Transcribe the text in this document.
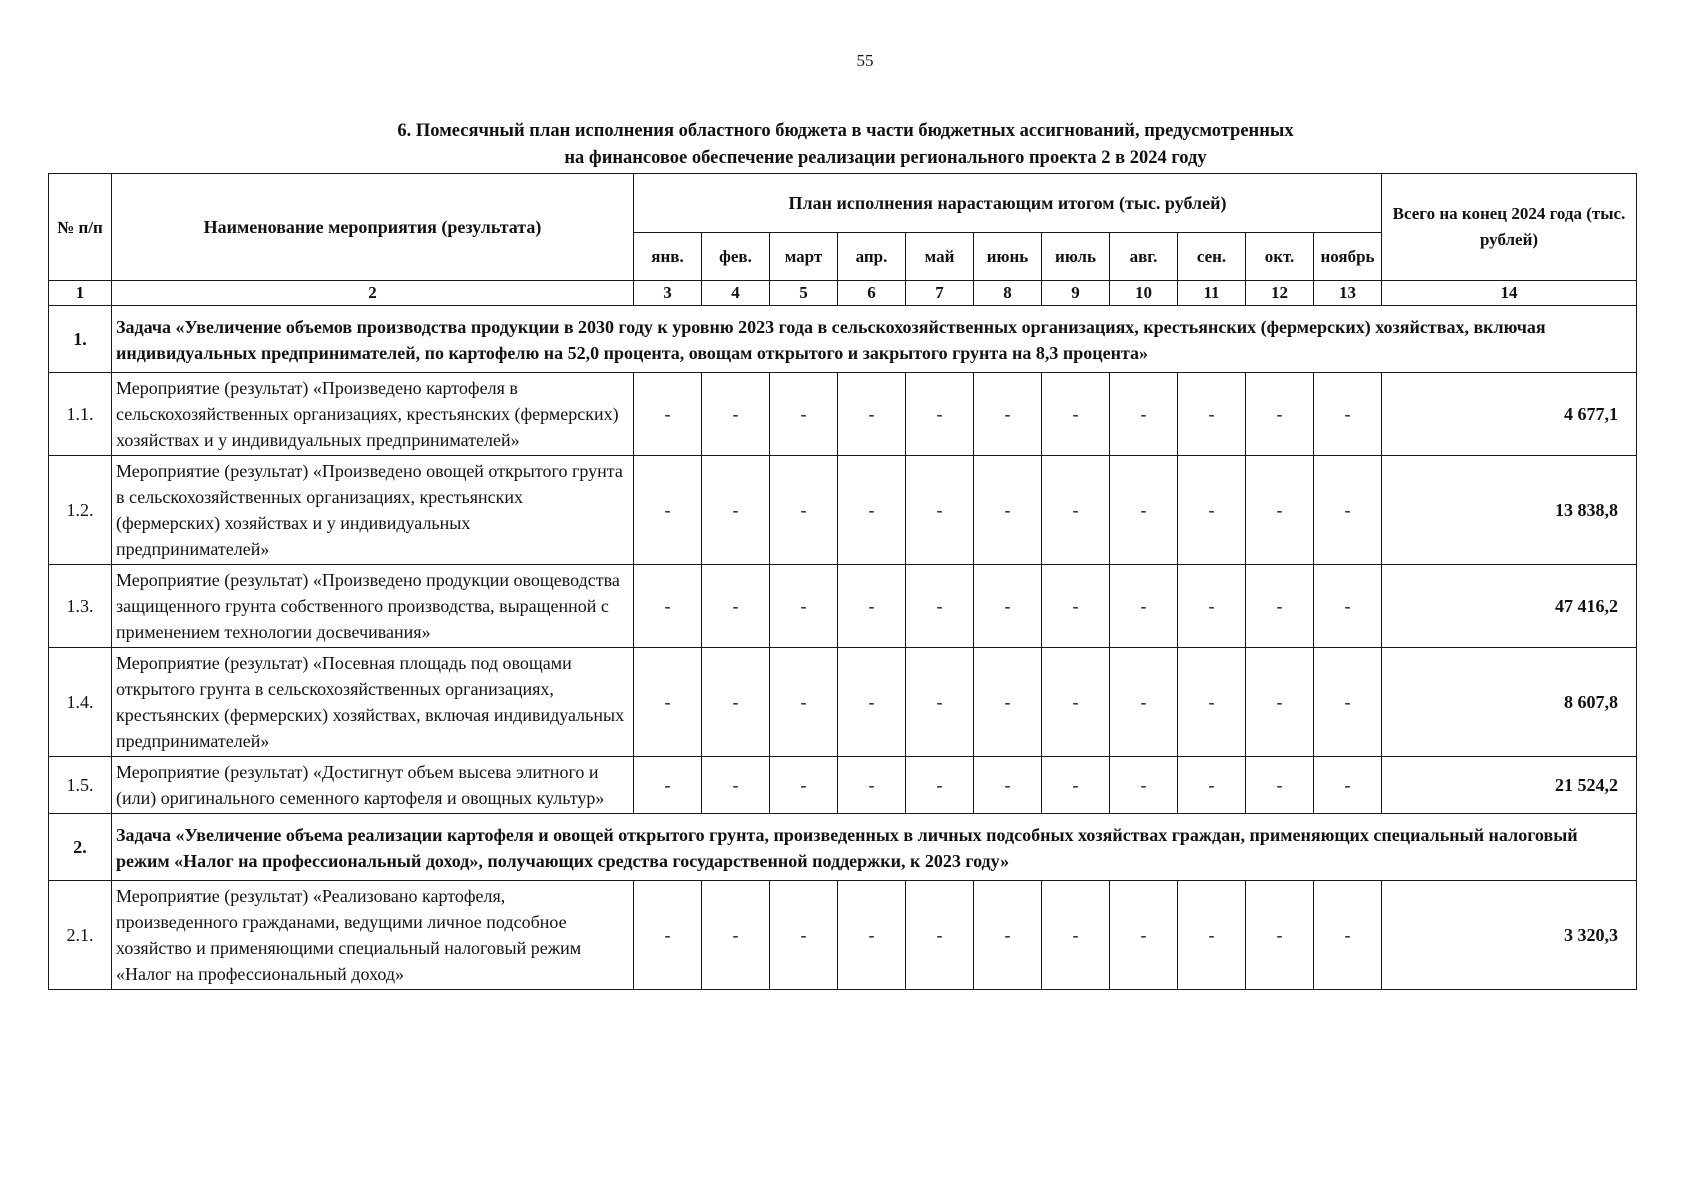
55
6. Помесячный план исполнения областного бюджета в части бюджетных ассигнований, предусмотренных
на финансовое обеспечение реализации регионального проекта 2 в 2024 году
№ п/п	Наименование мероприятия (результата)	План исполнения нарастающим итогом (тыс. рублей)											Всего на конец 2024 года (тыс. рублей)
		янв.	фев.	март	апр.	май	июнь	июль	авг.	сен.	окт.	ноябрь	
1	2	3	4	5	6	7	8	9	10	11	12	13	14
1.	Задача «Увеличение объемов производства продукции в 2030 году к уровню 2023 года в сельскохозяйственных организациях, крестьянских (фермерских) хозяйствах, включая индивидуальных предпринимателей, по картофелю на 52,0 процента, овощам открытого и закрытого грунта на 8,3 процента»												
1.1.	Мероприятие (результат) «Произведено картофеля в сельскохозяйственных организациях, крестьянских (фермерских) хозяйствах и у индивидуальных предпринимателей»	-	-	-	-	-	-	-	-	-	-	-	4 677,1
1.2.	Мероприятие (результат) «Произведено овощей открытого грунта в сельскохозяйственных организациях, крестьянских (фермерских) хозяйствах и у индивидуальных предпринимателей»	-	-	-	-	-	-	-	-	-	-	-	13 838,8
1.3.	Мероприятие (результат) «Произведено продукции овощеводства защищенного грунта собственного производства, выращенной с применением технологии досвечивания»	-	-	-	-	-	-	-	-	-	-	-	47 416,2
1.4.	Мероприятие (результат) «Посевная площадь под овощами открытого грунта в сельскохозяйственных организациях, крестьянских (фермерских) хозяйствах, включая индивидуальных предпринимателей»	-	-	-	-	-	-	-	-	-	-	-	8 607,8
1.5.	Мероприятие (результат) «Достигнут объем высева элитного и (или) оригинального семенного картофеля и овощных культур»	-	-	-	-	-	-	-	-	-	-	-	21 524,2
2.	Задача «Увеличение объема реализации картофеля и овощей открытого грунта, произведенных в личных подсобных хозяйствах граждан, применяющих специальный налоговый режим «Налог на профессиональный доход», получающих средства государственной поддержки, к 2023 году»												
2.1.	Мероприятие (результат) «Реализовано картофеля, произведенного гражданами, ведущими личное подсобное хозяйство и применяющими специальный налоговый режим «Налог на профессиональный доход»	-	-	-	-	-	-	-	-	-	-	-	3 320,3
